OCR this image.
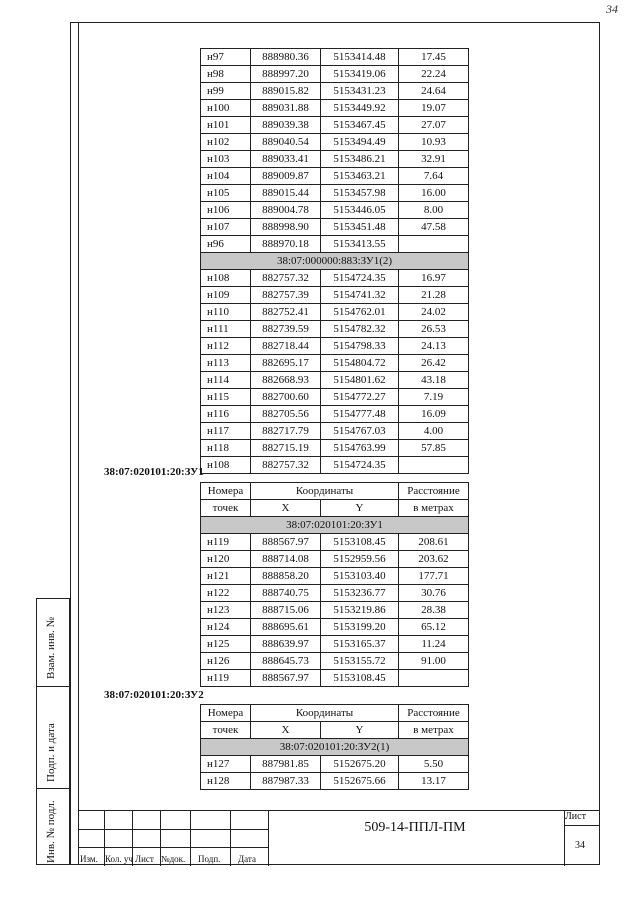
34
Взам. инв. №
Подп. и дата
Инв. № подл.
н97	888980.36	5153414.48	17.45
н98	888997.20	5153419.06	22.24
н99	889015.82	5153431.23	24.64
н100	889031.88	5153449.92	19.07
н101	889039.38	5153467.45	27.07
н102	889040.54	5153494.49	10.93
н103	889033.41	5153486.21	32.91
н104	889009.87	5153463.21	7.64
н105	889015.44	5153457.98	16.00
н106	889004.78	5153446.05	8.00
н107	888998.90	5153451.48	47.58
н96	888970.18	5153413.55	
38:07:000000:883:ЗУ1(2)			
н108	882757.32	5154724.35	16.97
н109	882757.39	5154741.32	21.28
н110	882752.41	5154762.01	24.02
н111	882739.59	5154782.32	26.53
н112	882718.44	5154798.33	24.13
н113	882695.17	5154804.72	26.42
н114	882668.93	5154801.62	43.18
н115	882700.60	5154772.27	7.19
н116	882705.56	5154777.48	16.09
н117	882717.79	5154767.03	4.00
н118	882715.19	5154763.99	57.85
н108	882757.32	5154724.35	
38:07:020101:20:ЗУ1
Номера	Координаты		Расстояние
точек	X	Y	в метрах
38:07:020101:20:ЗУ1			
н119	888567.97	5153108.45	208.61
н120	888714.08	5152959.56	203.62
н121	888858.20	5153103.40	177.71
н122	888740.75	5153236.77	30.76
н123	888715.06	5153219.86	28.38
н124	888695.61	5153199.20	65.12
н125	888639.97	5153165.37	11.24
н126	888645.73	5153155.72	91.00
н119	888567.97	5153108.45	
38:07:020101:20:ЗУ2
Номера	Координаты		Расстояние
точек	X	Y	в метрах
38:07:020101:20:ЗУ2(1)			
н127	887981.85	5152675.20	5.50
н128	887987.33	5152675.66	13.17
Изм. Кол. уч Лист №док. Подп. Дата
509-14-ППЛ-ПМ
Лист
34
